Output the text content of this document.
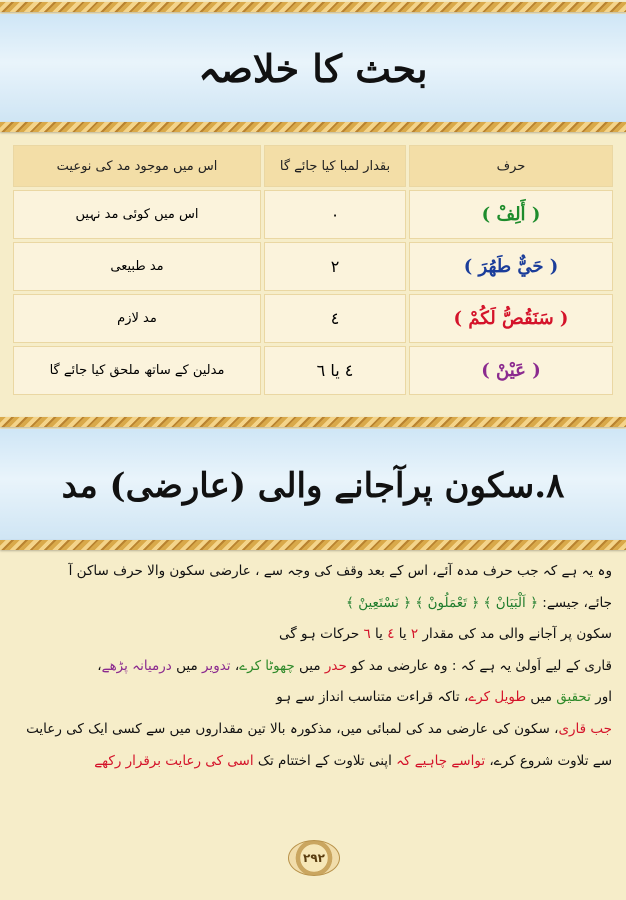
بحث کا خلاصہ
حرف	بقدار لمبا کیا جائے گا	اس میں موجود مد کی نوعیت
( أَلِفْ )	٠	اس میں کوئی مد نہیں
( حَيٌّ طَهُرَ )	٢	مد طبیعی
( سَنَقُصُّ لَكُمْ )	٤	مد لازم
( عَيْنْ )	٤ یا ٦	مدلین کے ساتھ ملحق کیا جائے گا
٨.سکون پرآجانے والی (عارضی) مد
وہ یہ ہے کہ جب حرف مدہ آئے، اس کے بعد وقف کی وجہ سے ، عارضی سکون والا حرف ساکن آ
جائے، جیسے: ﴿ اَلْبَيَانْ ﴾ ﴿ تَعْمَلُونْ ﴾ ﴿ نَسْتَعِينْ ﴾
سکون پر آجانے والی مد کی مقدار ٢ یا ٤ یا ٦ حرکات ہو گی
قاری کے لیے اَولیٰ یہ ہے کہ : وہ عارضی مد کو حدر میں چھوٹا کرے، تدویر میں درمیانہ پڑھے،
اور تحقیق میں طویل کرے، تاکہ قراءت متناسب انداز سے ہو
جب قاری، سکون کی عارضی مد کی لمبائی میں، مذکورہ بالا تین مقداروں میں سے کسی ایک کی رعایت
سے تلاوت شروع کرے، تواسے چاہیے کہ اپنی تلاوت کے اختتام تک اسی کی رعایت برقرار رکھے
٢٩٢
